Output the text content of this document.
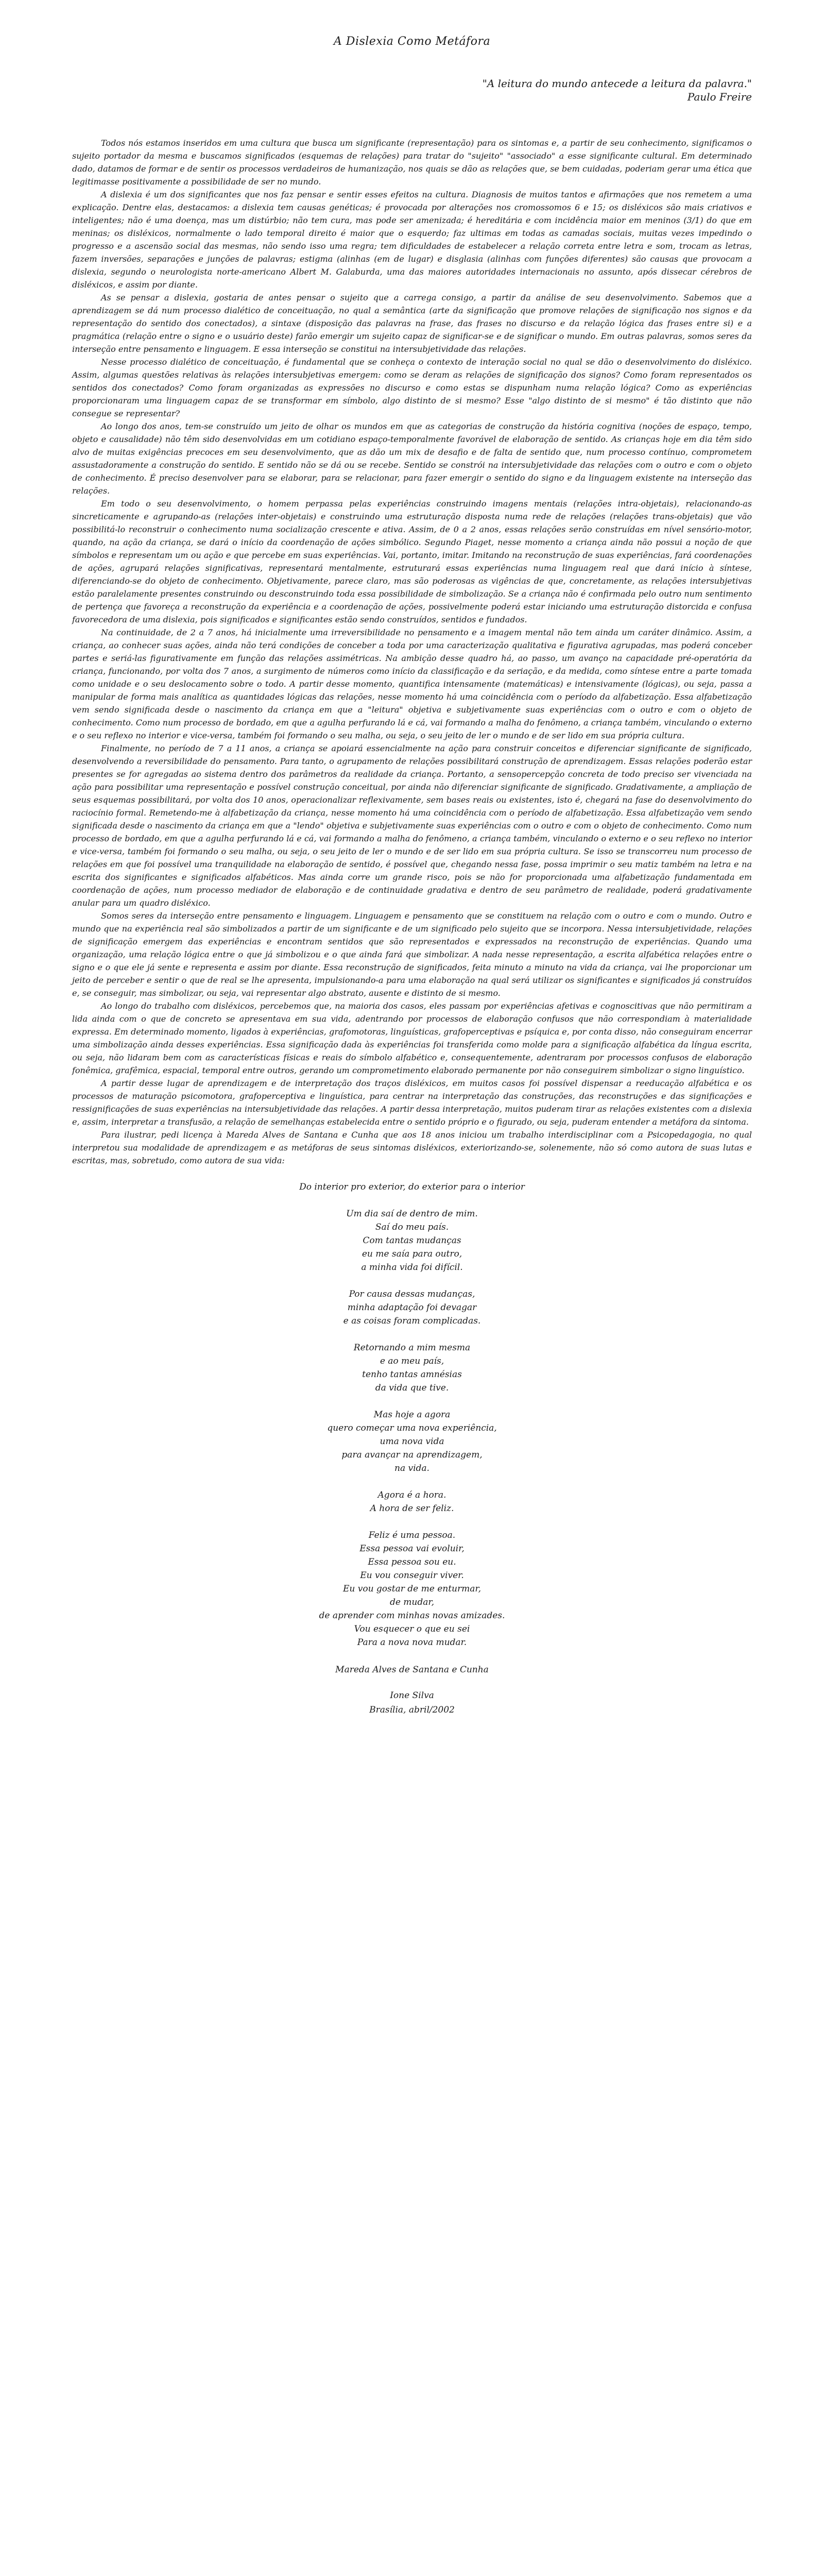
A Dislexia Como Metáfora
"A leitura do mundo antecede a leitura da palavra."
Paulo Freire

Todos nós estamos inseridos em uma cultura que busca um significante (representação) para os sintomas e, a partir de seu conhecimento, significamos o sujeito portador da mesma e buscamos significados (esquemas de relações) para tratar do "sujeito" "associado" a esse significante cultural. Em determinado dado, datamos de formar e de sentir os processos verdadeiros de humanização, nos quais se dão as relações que, se bem cuidadas, poderiam gerar uma ética que legitimasse positivamente a possibilidade de ser no mundo.

A dislexia é um dos significantes que nos faz pensar e sentir esses efeitos na cultura. Diagnosis de muitos tantos e afirmações que nos remetem a uma explicação. Dentre elas, destacamos: a dislexia tem causas genéticas; é provocada por alterações nos cromossomos 6 e 15; os disléxicos são mais criativos e inteligentes; não é uma doença, mas um distúrbio; não tem cura, mas pode ser amenizada; é hereditária e com incidência maior em meninos (3/1) do que em meninas; os disléxicos, normalmente o lado temporal direito é maior que o esquerdo; faz ultimas em todas as camadas sociais, muitas vezes impedindo o progresso e a ascensão social das mesmas, não sendo isso uma regra; tem dificuldades de estabelecer a relação correta entre letra e som, trocam as letras, fazem inversões, separações e junções de palavras; estigma (alinhas (em de lugar) e disglasia (alinhas com funções diferentes) são causas que provocam a dislexia, segundo o neurologista norte-americano Albert M. Galaburda, uma das maiores autoridades internacionais no assunto, após dissecar cérebros de disléxicos, e assim por diante.

As se pensar a dislexia, gostaria de antes pensar o sujeito que a carrega consigo, a partir da análise de seu desenvolvimento. Sabemos que a aprendizagem se dá num processo dialético de conceituação, no qual a semântica (arte da significação que promove relações de significação nos signos e da representação do sentido dos conectados), a sintaxe (disposição das palavras na frase, das frases no discurso e da relação lógica das frases entre si) e a pragmática (relação entre o signo e o usuário deste) farão emergir um sujeito capaz de significar-se e de significar o mundo. Em outras palavras, somos seres da interseção entre pensamento e linguagem. E essa interseção se constitui na intersubjetividade das relações.

Nesse processo dialético de conceituação, é fundamental que se conheça o contexto de interação social no qual se dão o desenvolvimento do disléxico. Assim, algumas questões relativas às relações intersubjetivas emergem: como se deram as relações de significação dos signos? Como foram representados os sentidos dos conectados? Como foram organizadas as expressões no discurso e como estas se dispunham numa relação lógica? Como as experiências proporcionaram uma linguagem capaz de se transformar em símbolo, algo distinto de si mesmo? Esse "algo distinto de si mesmo" é tão distinto que não consegue se representar?

Ao longo dos anos, tem-se construído um jeito de olhar os mundos em que as categorias de construção da história cognitiva (noções de espaço, tempo, objeto e causalidade) não têm sido desenvolvidas em um cotidiano espaço-temporalmente favorável de elaboração de sentido. As crianças hoje em dia têm sido alvo de muitas exigências precoces em seu desenvolvimento, que as dão um mix de desafio e de falta de sentido que, num processo contínuo, comprometem assustadoramente a construção do sentido. E sentido não se dá ou se recebe. Sentido se constrói na intersubjetividade das relações com o outro e com o objeto de conhecimento. É preciso desenvolver para se elaborar, para se relacionar, para fazer emergir o sentido do signo e da linguagem existente na interseção das relações.

Em todo o seu desenvolvimento, o homem perpassa pelas experiências construindo imagens mentais (relações intra-objetais), relacionando-as sincreticamente e agrupando-as (relações inter-objetais) e construindo uma estruturação disposta numa rede de relações (relações trans-objetais) que vão possibilitá-lo reconstruir o conhecimento numa socialização crescente e ativa. Assim, de 0 a 2 anos, essas relações serão construídas em nível sensório-motor, quando, na ação da criança, se dará o início da coordenação de ações simbólico. Segundo Piaget, nesse momento a criança ainda não possui a noção de que símbolos e representam um ou ação e que percebe em suas experiências. Vai, portanto, imitar. Imitando na reconstrução de suas experiências, fará coordenações de ações, agrupará relações significativas, representará mentalmente, estruturará essas experiências numa linguagem real que dará início à síntese, diferenciando-se do objeto de conhecimento. Objetivamente, parece claro, mas são poderosas as vigências de que, concretamente, as relações intersubjetivas estão paralelamente presentes construindo ou desconstruindo toda essa possibilidade de simbolização. Se a criança não é confirmada pelo outro num sentimento de pertença que favoreça a reconstrução da experiência e a coordenação de ações, possivelmente poderá estar iniciando uma estruturação distorcida e confusa favorecedora de uma dislexia, pois significados e significantes estão sendo construídos, sentidos e fundados.

Na continuidade, de 2 a 7 anos, há inicialmente uma irreversibilidade no pensamento e a imagem mental não tem ainda um caráter dinâmico. Assim, a criança, ao conhecer suas ações, ainda não terá condições de conceber a toda por uma caracterização qualitativa e figurativa agrupadas, mas poderá conceber partes e seriá-las figurativamente em função das relações assimétricas. Na ambição desse quadro há, ao passo, um avanço na capacidade pré-operatória da criança, funcionando, por volta dos 7 anos, a surgimento de números como início da classificação e da seriação, e da medida, como síntese entre a parte tomada como unidade e o seu deslocamento sobre o todo. A partir desse momento, quantifica intensamente (matemáticas) e intensivamente (lógicas), ou seja, passa a manipular de forma mais analítica as quantidades lógicas das relações, nesse momento há uma coincidência com o período da alfabetização. Essa alfabetização vem sendo significada desde o nascimento da criança em que a "leitura" objetiva e subjetivamente suas experiências com o outro e com o objeto de conhecimento. Como num processo de bordado, em que a agulha perfurando lá e cá, vai formando a malha do fenômeno, a criança também, vinculando o externo e o seu reflexo no interior e vice-versa, também foi formando o seu malha, ou seja, o seu jeito de ler o mundo e de ser lido em sua própria cultura.

Finalmente, no período de 7 a 11 anos, a criança se apoiará essencialmente na ação para construir conceitos e diferenciar significante de significado, desenvolvendo a reversibilidade do pensamento. Para tanto, o agrupamento de relações possibilitará construção de aprendizagem. Essas relações poderão estar presentes se for agregadas ao sistema dentro dos parâmetros da realidade da criança. Portanto, a sensopercepção concreta de todo preciso ser vivenciada na ação para possibilitar uma representação e possível construção conceitual, por ainda não diferenciar significante de significado. Gradativamente, a ampliação de seus esquemas possibilitará, por volta dos 10 anos, operacionalizar reflexivamente, sem bases reais ou existentes, isto é, chegará na fase do desenvolvimento do raciocínio formal. Remetendo-me à alfabetização da criança, nesse momento há uma coincidência com o período de alfabetização. Essa alfabetização vem sendo significada desde o nascimento da criança em que a "lendo" objetiva e subjetivamente suas experiências com o outro e com o objeto de conhecimento. Como num processo de bordado, em que a agulha perfurando lá e cá, vai formando a malha do fenômeno, a criança também, vinculando o externo e o seu reflexo no interior e vice-versa, também foi formando o seu malha, ou seja, o seu jeito de ler o mundo e de ser lido em sua própria cultura. Se isso se transcorreu num processo de relações em que foi possível uma tranquilidade na elaboração de sentido, é possível que, chegando nessa fase, possa imprimir o seu matiz também na letra e na escrita dos significantes e significados alfabéticos. Mas ainda corre um grande risco, pois se não for proporcionada uma alfabetização fundamentada em coordenação de ações, num processo mediador de elaboração e de continuidade gradativa e dentro de seu parâmetro de realidade, poderá gradativamente anular para um quadro disléxico.

Somos seres da interseção entre pensamento e linguagem. Linguagem e pensamento que se constituem na relação com o outro e com o mundo. Outro e mundo que na experiência real são simbolizados a partir de um significante e de um significado pelo sujeito que se incorpora. Nessa intersubjetividade, relações de significação emergem das experiências e encontram sentidos que são representados e expressados na reconstrução de experiências. Quando uma organização, uma relação lógica entre o que já simbolizou e o que ainda fará que simbolizar. A nada nesse representação, a escrita alfabética relações entre o signo e o que ele já sente e representa e assim por diante. Essa reconstrução de significados, feita minuto a minuto na vida da criança, vai lhe proporcionar um jeito de perceber e sentir o que de real se lhe apresenta, impulsionando-a para uma elaboração na qual será utilizar os significantes e significados já construídos e, se conseguir, mas simbolizar, ou seja, vai representar algo abstrato, ausente e distinto de si mesmo.

Ao longo do trabalho com disléxicos, percebemos que, na maioria dos casos, eles passam por experiências afetivas e cognoscitivas que não permitiram a lida ainda com o que de concreto se apresentava em sua vida, adentrando por processos de elaboração confusos que não correspondiam à materialidade expressa. Em determinado momento, ligados à experiências, grafomotoras, linguísticas, grafoperceptivas e psíquica e, por conta disso, não conseguiram encerrar uma simbolização ainda desses experiências. Essa significação dada às experiências foi transferida como molde para a significação alfabética da língua escrita, ou seja, não lidaram bem com as características físicas e reais do símbolo alfabético e, consequentemente, adentraram por processos confusos de elaboração fonêmica, grafêmica, espacial, temporal entre outros, gerando um comprometimento elaborado permanente por não conseguirem simbolizar o signo linguístico.

A partir desse lugar de aprendizagem e de interpretação dos traços disléxicos, em muitos casos foi possível dispensar a reeducação alfabética e os processos de maturação psicomotora, grafoperceptiva e linguística, para centrar na interpretação das construções, das reconstruções e das significações e ressignificações de suas experiências na intersubjetividade das relações. A partir dessa interpretação, muitos puderam tirar as relações existentes com a dislexia e, assim, interpretar a transfusão, a relação de semelhanças estabelecida entre o sentido próprio e o figurado, ou seja, puderam entender a metáfora da sintoma.

Para ilustrar, pedi licença à Mareda Alves de Santana e Cunha que aos 18 anos iniciou um trabalho interdisciplinar com a Psicopedagogia, no qual interpretou sua modalidade de aprendizagem e as metáforas de seus sintomas disléxicos, exteriorizando-se, solenemente, não só como autora de suas lutas e escritas, mas, sobretudo, como autora de sua vida:

Do interior pro exterior, do exterior para o interior
Um dia saí de dentro de mim.
Saí do meu país.
Com tantas mudanças
eu me saía para outro,
a minha vida foi difícil.
Por causa dessas mudanças,
minha adaptação foi devagar
e as coisas foram complicadas.
Retornando a mim mesma
e ao meu país,
tenho tantas amnésias
da vida que tive.
Mas hoje a agora
quero começar uma nova experiência,
uma nova vida
para avançar na aprendizagem,
na vida.
Agora é a hora.
A hora de ser feliz.
Feliz é uma pessoa.
Essa pessoa vai evoluir,
Essa pessoa sou eu.
Eu vou conseguir viver.
Eu vou gostar de me enturmar,
de mudar,
de aprender com minhas novas amizades.
Vou esquecer o que eu sei
Para a nova nova mudar.
Mareda Alves de Santana e Cunha
Ione Silva
Brasília, abril/2002
